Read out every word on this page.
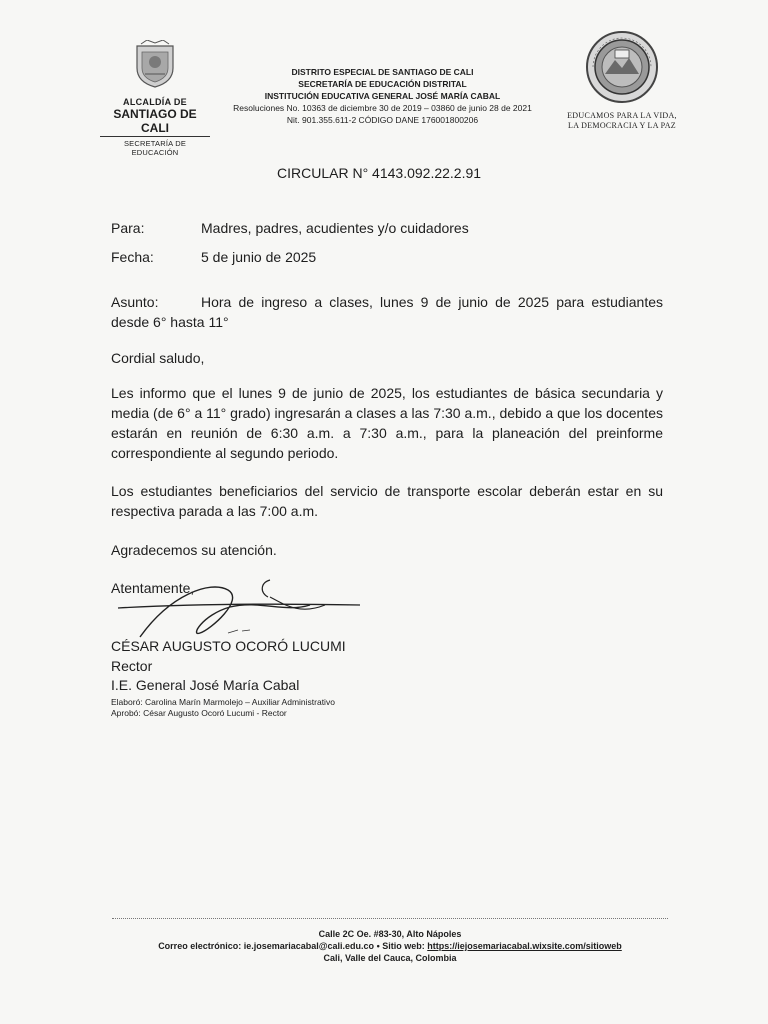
ALCALDÍA DE
SANTIAGO DE CALI
SECRETARÍA DE EDUCACIÓN
DISTRITO ESPECIAL DE SANTIAGO DE CALI
SECRETARÍA DE EDUCACIÓN DISTRITAL
INSTITUCIÓN EDUCATIVA GENERAL JOSÉ MARÍA CABAL
Resoluciones No. 10363 de diciembre 30 de 2019 – 03860 de junio 28 de 2021
Nit. 901.355.611-2 CÓDIGO DANE 176001800206	EDUCAMOS PARA LA VIDA,
LA DEMOCRACIA Y LA PAZ
CIRCULAR N° 4143.092.22.2.91
Para:	Madres, padres, acudientes y/o cuidadores
Fecha:	5 de junio de 2025
Asunto:	Hora de ingreso a clases, lunes 9 de junio de 2025 para estudiantes desde 6° hasta 11°
Cordial saludo,
Les informo que el lunes 9 de junio de 2025, los estudiantes de básica secundaria y media (de 6° a 11° grado) ingresarán a clases a las 7:30 a.m., debido a que los docentes estarán en reunión de 6:30 a.m. a 7:30 a.m., para la planeación del preinforme correspondiente al segundo periodo.
Los estudiantes beneficiarios del servicio de transporte escolar deberán estar en su respectiva parada a las 7:00 a.m.
Agradecemos su atención.
Atentamente,
CÉSAR AUGUSTO OCORÓ LUCUMI
Rector
I.E. General José María Cabal
Elaboró: Carolina Marín Marmolejo – Auxiliar Administrativo
Aprobó: César Augusto Ocoró Lucumi - Rector
Calle 2C Oe. #83-30, Alto Nápoles
Correo electrónico: ie.josemariacabal@cali.edu.co • Sitio web: https://iejosemariacabal.wixsite.com/sitioweb
Cali, Valle del Cauca, Colombia
